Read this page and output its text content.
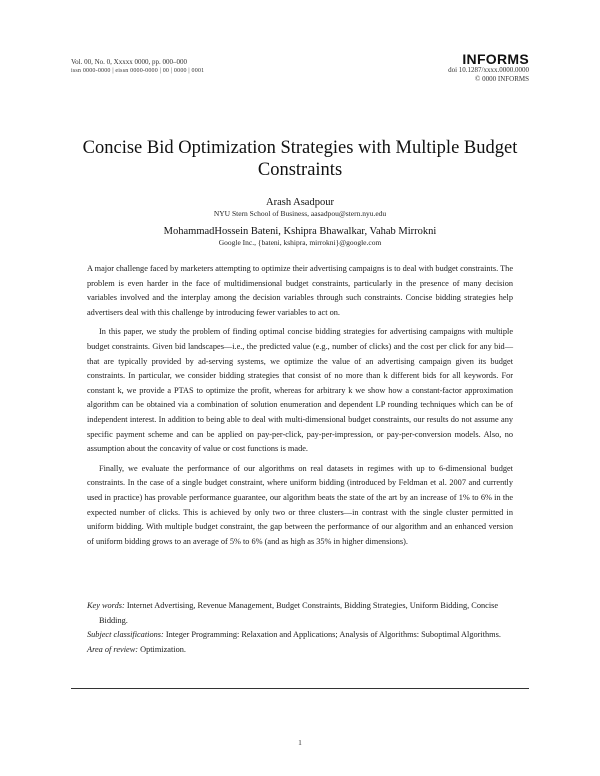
Vol. 00, No. 0, Xxxxx 0000, pp. 000–000
issn 0000-0000 | eissn 0000-0000 | 00 | 0000 | 0001
INFORMS
doi 10.1287/xxxx.0000.0000
© 0000 INFORMS
Concise Bid Optimization Strategies with Multiple Budget Constraints
Arash Asadpour
NYU Stern School of Business, aasadpou@stern.nyu.edu
MohammadHossein Bateni, Kshipra Bhawalkar, Vahab Mirrokni
Google Inc., {bateni, kshipra, mirrokni}@google.com

A major challenge faced by marketers attempting to optimize their advertising campaigns is to deal with budget constraints. The problem is even harder in the face of multidimensional budget constraints, particularly in the presence of many decision variables involved and the interplay among the decision variables through such constraints. Concise bidding strategies help advertisers deal with this challenge by introducing fewer variables to act on.

In this paper, we study the problem of finding optimal concise bidding strategies for advertising campaigns with multiple budget constraints. Given bid landscapes—i.e., the predicted value (e.g., number of clicks) and the cost per click for any bid—that are typically provided by ad-serving systems, we optimize the value of an advertising campaign given its budget constraints. In particular, we consider bidding strategies that consist of no more than k different bids for all keywords. For constant k, we provide a PTAS to optimize the profit, whereas for arbitrary k we show how a constant-factor approximation algorithm can be obtained via a combination of solution enumeration and dependent LP rounding techniques which can be of independent interest. In addition to being able to deal with multi-dimensional budget constraints, our results do not assume any specific payment scheme and can be applied on pay-per-click, pay-per-impression, or pay-per-conversion models. Also, no assumption about the concavity of value or cost functions is made.

Finally, we evaluate the performance of our algorithms on real datasets in regimes with up to 6-dimensional budget constraints. In the case of a single budget constraint, where uniform bidding (introduced by Feldman et al. 2007 and currently used in practice) has provable performance guarantee, our algorithm beats the state of the art by an increase of 1% to 6% in the expected number of clicks. This is achieved by only two or three clusters—in contrast with the single cluster permitted in uniform bidding. With multiple budget constraint, the gap between the performance of our algorithm and an enhanced version of uniform bidding grows to an average of 5% to 6% (and as high as 35% in higher dimensions).

Key words: Internet Advertising, Revenue Management, Budget Constraints, Bidding Strategies, Uniform Bidding, Concise Bidding.
Subject classifications: Integer Programming: Relaxation and Applications; Analysis of Algorithms: Suboptimal Algorithms.
Area of review: Optimization.
1
